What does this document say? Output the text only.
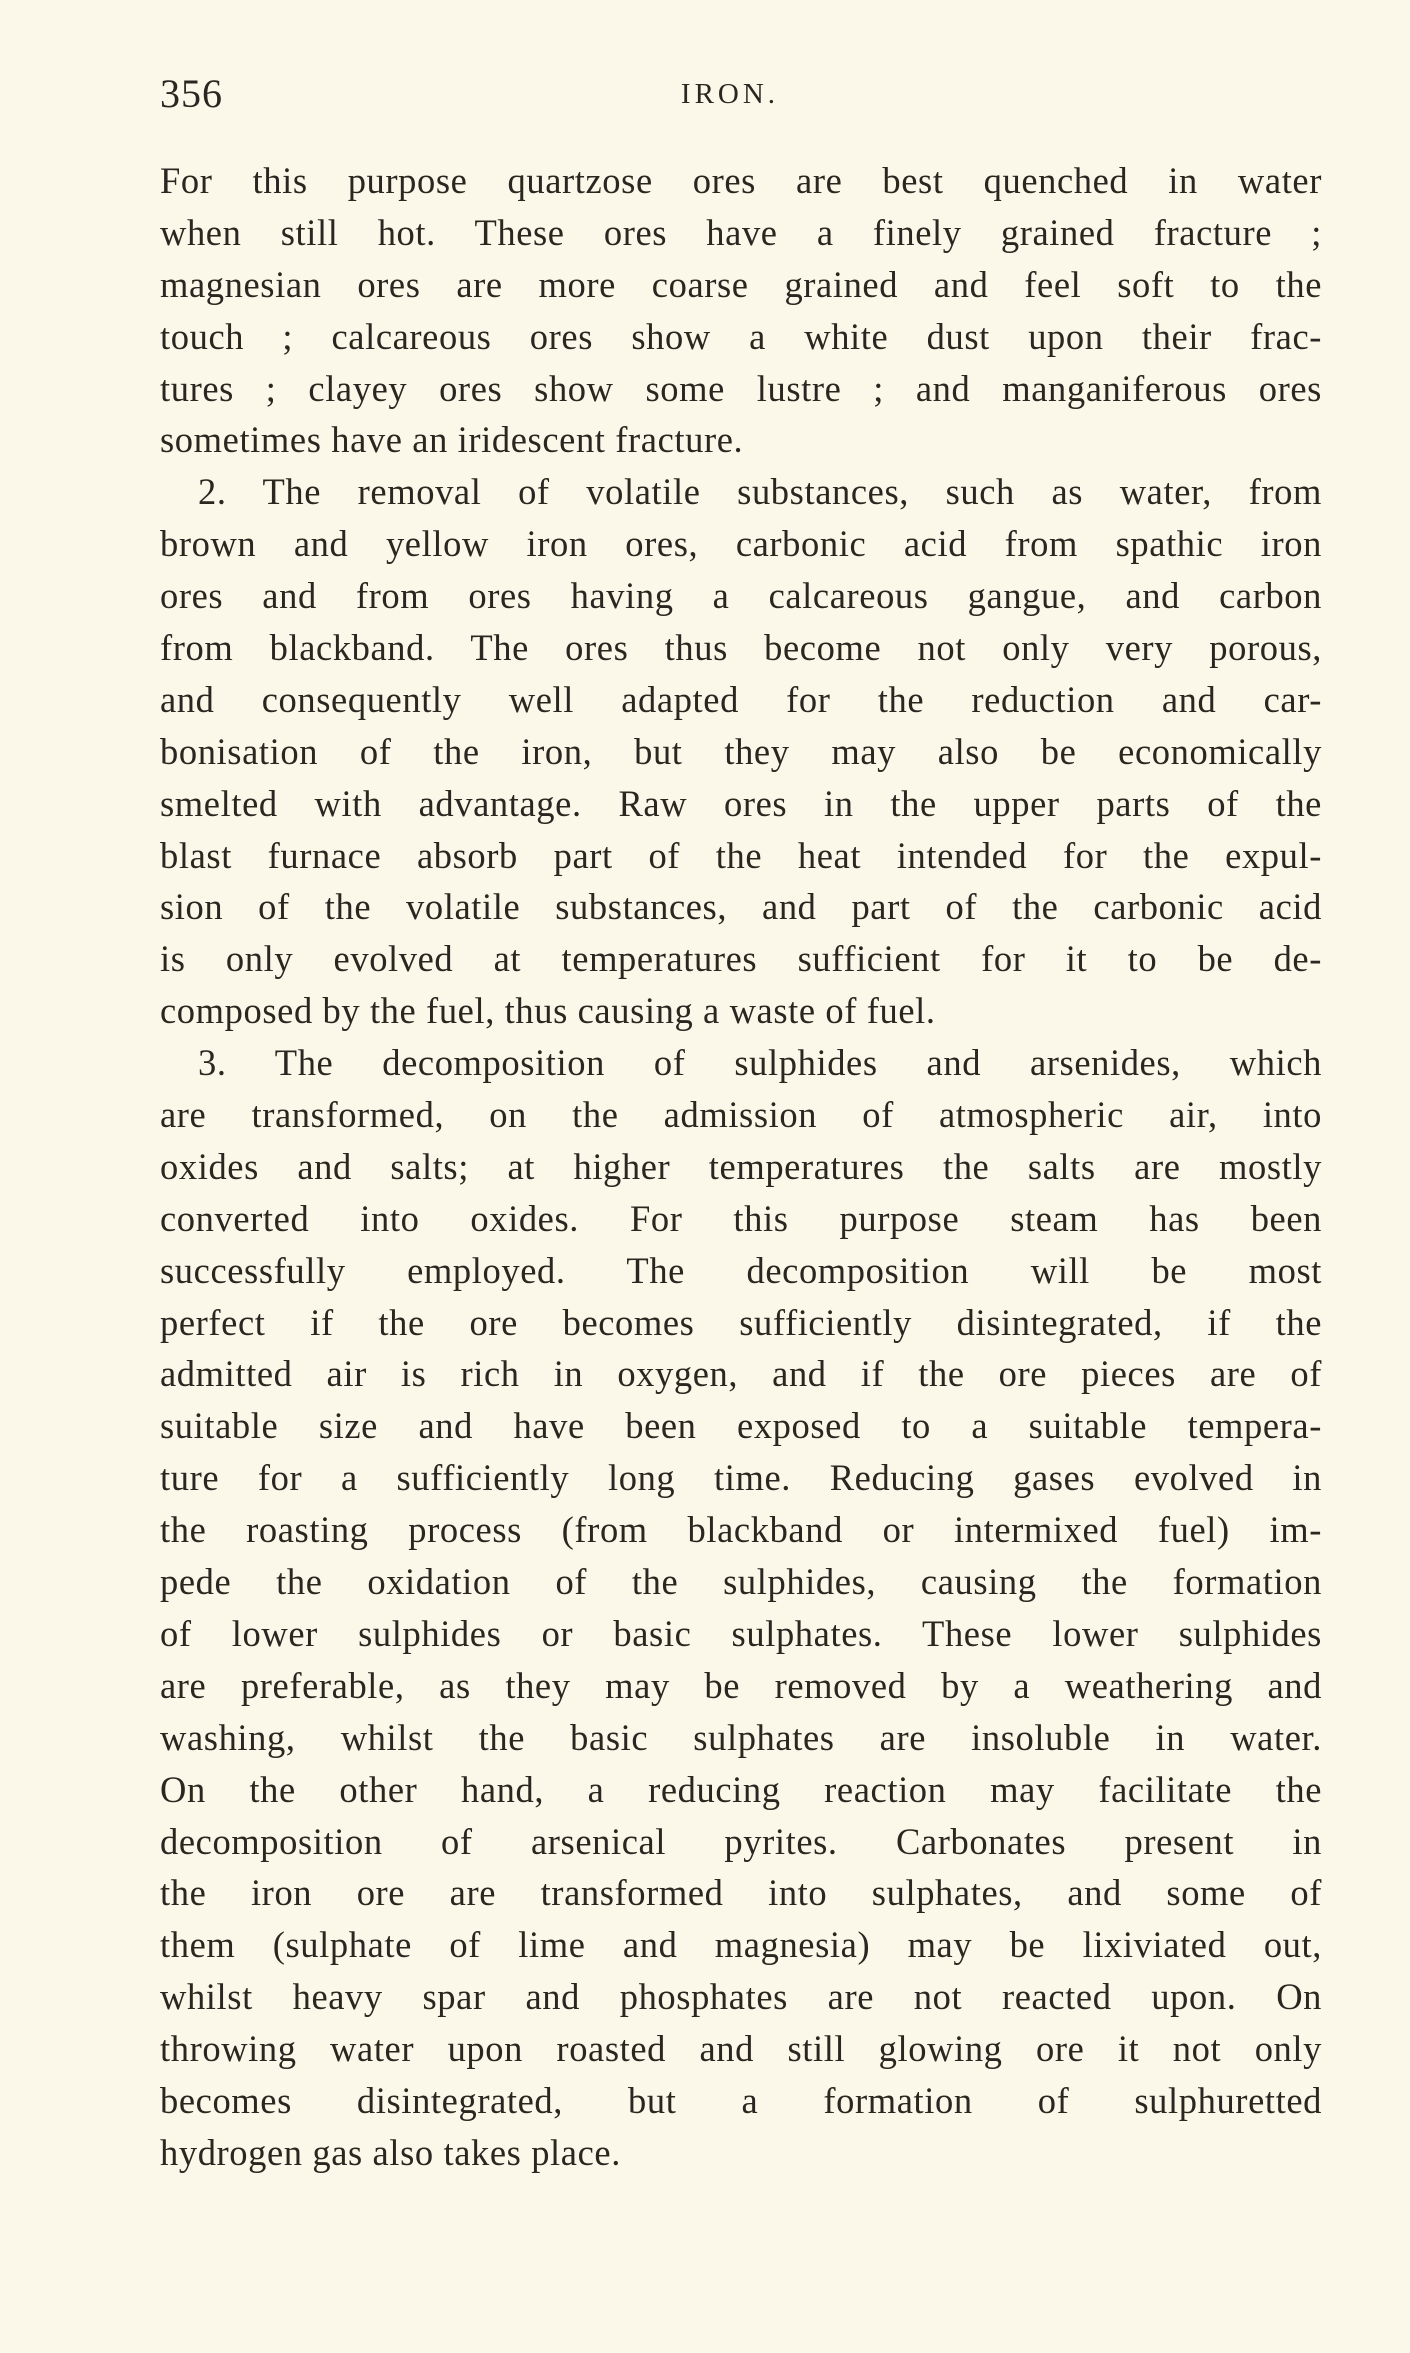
356	IRON.
For this purpose quartzose ores are best quenched in water
when still hot. These ores have a finely grained fracture ;
magnesian ores are more coarse grained and feel soft to the
touch ; calcareous ores show a white dust upon their frac-
tures ; clayey ores show some lustre ; and manganiferous ores
sometimes have an iridescent fracture.
2. The removal of volatile substances, such as water, from
brown and yellow iron ores, carbonic acid from spathic iron
ores and from ores having a calcareous gangue, and carbon
from blackband. The ores thus become not only very porous,
and consequently well adapted for the reduction and car-
bonisation of the iron, but they may also be economically
smelted with advantage. Raw ores in the upper parts of the
blast furnace absorb part of the heat intended for the expul-
sion of the volatile substances, and part of the carbonic acid
is only evolved at temperatures sufficient for it to be de-
composed by the fuel, thus causing a waste of fuel.
3. The decomposition of sulphides and arsenides, which
are transformed, on the admission of atmospheric air, into
oxides and salts; at higher temperatures the salts are mostly
converted into oxides. For this purpose steam has been
successfully employed. The decomposition will be most
perfect if the ore becomes sufficiently disintegrated, if the
admitted air is rich in oxygen, and if the ore pieces are of
suitable size and have been exposed to a suitable tempera-
ture for a sufficiently long time. Reducing gases evolved in
the roasting process (from blackband or intermixed fuel) im-
pede the oxidation of the sulphides, causing the formation
of lower sulphides or basic sulphates. These lower sulphides
are preferable, as they may be removed by a weathering and
washing, whilst the basic sulphates are insoluble in water.
On the other hand, a reducing reaction may facilitate the
decomposition of arsenical pyrites. Carbonates present in
the iron ore are transformed into sulphates, and some of
them (sulphate of lime and magnesia) may be lixiviated out,
whilst heavy spar and phosphates are not reacted upon. On
throwing water upon roasted and still glowing ore it not only
becomes disintegrated, but a formation of sulphuretted
hydrogen gas also takes place.
